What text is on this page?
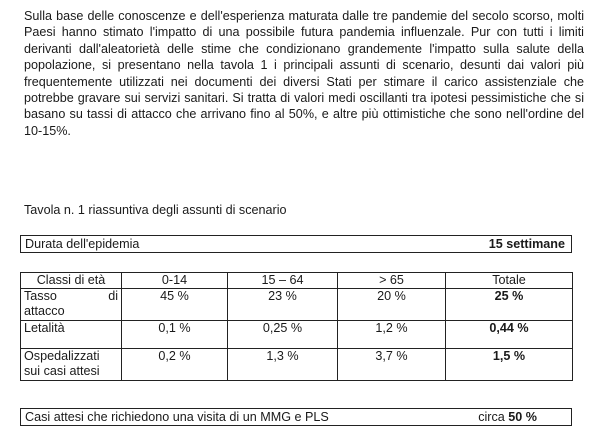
Sulla base delle conoscenze e dell'esperienza maturata dalle tre pandemie del secolo scorso, molti Paesi hanno stimato l'impatto di una possibile futura pandemia influenzale. Pur con tutti i limiti derivanti dall'aleatorietà delle stime che condizionano grandemente l'impatto sulla salute della popolazione, si presentano nella tavola 1 i principali assunti di scenario, desunti dai valori più frequentemente utilizzati nei documenti dei diversi Stati per stimare il carico assistenziale che potrebbe gravare sui servizi sanitari. Si tratta di valori medi oscillanti tra ipotesi pessimistiche che si basano su tassi di attacco che arrivano fino al 50%, e altre più ottimistiche che sono nell'ordine del 10-15%.

Tavola n. 1 riassuntiva degli assunti di scenario

Durata dell'epidemia	15 settimane
Classi di età	0-14	15 – 64	> 65	Totale

Tasso di
attacco	45 %	23 %	20 %	25 %
Letalità	0,1 %	0,25 %	1,2 %	0,44 %

Ospedalizzati
sui casi attesi	0,2 %	1,3 %	3,7 %	1,5 %
Casi attesi che richiedono una visita di un MMG e PLS	circa 50 %
